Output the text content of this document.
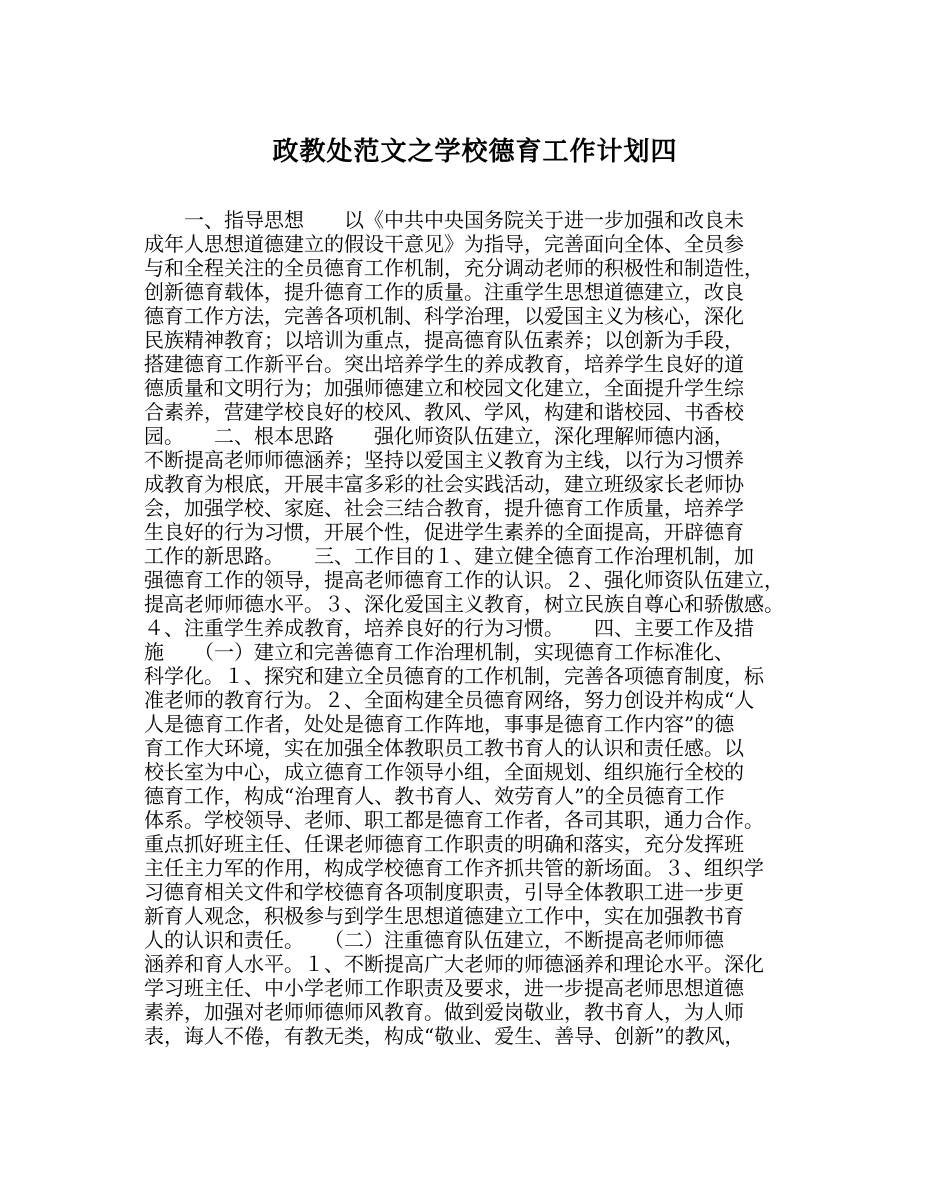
政教处范文之学校德育工作计划四
　　一、指导思想　　以《中共中央国务院关于进一步加强和改良未
成年人思想道德建立的假设干意见》为指导，完善面向全体、全员参
与和全程关注的全员德育工作机制，充分调动老师的积极性和制造性，
创新德育载体，提升德育工作的质量。注重学生思想道德建立，改良
德育工作方法，完善各项机制、科学治理，以爱国主义为核心，深化
民族精神教育；以培训为重点，提高德育队伍素养；以创新为手段，
搭建德育工作新平台。突出培养学生的养成教育，培养学生良好的道
德质量和文明行为；加强师德建立和校园文化建立，全面提升学生综
合素养，营建学校良好的校风、教风、学风，构建和谐校园、书香校
园。　　二、根本思路　　强化师资队伍建立，深化理解师德内涵，
不断提高老师师德涵养；坚持以爱国主义教育为主线，以行为习惯养
成教育为根底，开展丰富多彩的社会实践活动，建立班级家长老师协
会，加强学校、家庭、社会三结合教育，提升德育工作质量，培养学
生良好的行为习惯，开展个性，促进学生素养的全面提高，开辟德育
工作的新思路。　　三、工作目的１、建立健全德育工作治理机制，加
强德育工作的领导，提高老师德育工作的认识。２、强化师资队伍建立，
提高老师师德水平。３、深化爱国主义教育，树立民族自尊心和骄傲感。
４、注重学生养成教育，培养良好的行为习惯。　　四、主要工作及措
施　　（一）建立和完善德育工作治理机制，实现德育工作标准化、
科学化。１、探究和建立全员德育的工作机制，完善各项德育制度，标
准老师的教育行为。２、全面构建全员德育网络，努力创设并构成“人
人是德育工作者，处处是德育工作阵地，事事是德育工作内容”的德
育工作大环境，实在加强全体教职员工教书育人的认识和责任感。以
校长室为中心，成立德育工作领导小组，全面规划、组织施行全校的
德育工作，构成“治理育人、教书育人、效劳育人”的全员德育工作
体系。学校领导、老师、职工都是德育工作者，各司其职，通力合作。
重点抓好班主任、任课老师德育工作职责的明确和落实，充分发挥班
主任主力军的作用，构成学校德育工作齐抓共管的新场面。３、组织学
习德育相关文件和学校德育各项制度职责，引导全体教职工进一步更
新育人观念，积极参与到学生思想道德建立工作中，实在加强教书育
人的认识和责任。　　（二）注重德育队伍建立，不断提高老师师德
涵养和育人水平。１、不断提高广大老师的师德涵养和理论水平。深化
学习班主任、中小学老师工作职责及要求，进一步提高老师思想道德
素养，加强对老师师德师风教育。做到爱岗敬业，教书育人，为人师
表，诲人不倦，有教无类，构成“敬业、爱生、善导、创新”的教风，
